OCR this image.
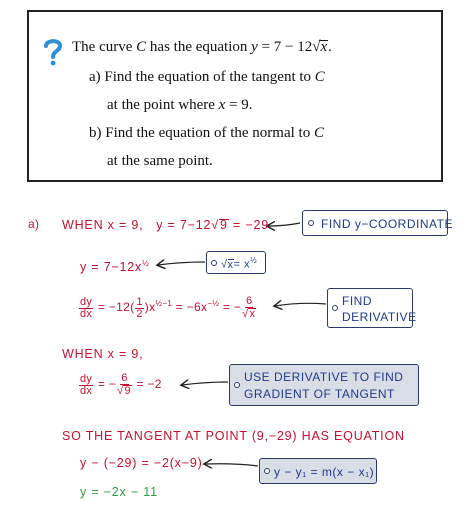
The curve C has the equation y = 7 − 12√x.
a) Find the equation of the tangent to C
at the point where x = 9.
b) Find the equation of the normal to C
at the same point.
a) WHEN x = 9, y = 7−12√9 = −29
$y = 7-12x^{\frac{1}{2}}$
$\frac{dy}{dx} = -12( \frac{1}{2} )x^{\frac{1}{2}-1} = -6x^{-\frac{1}{2}}$ = − $\frac{6}{√x}$
WHEN x = 9,
$\frac{dy}{dx}$ = − $\frac{6}{√9} = -2$
SO THE TANGENT AT POINT (9,−29) HAS EQUATION
y − (−29) = −2(x−9)
y = −2x − 11
FIND y−COORDINATE
$√x= x^{\frac{1}{2}}$
FIND
DERIVATIVE
USE DERIVATIVE TO FIND
GRADIENT OF TANGENT
y − y₁ = m(x − x₁)
